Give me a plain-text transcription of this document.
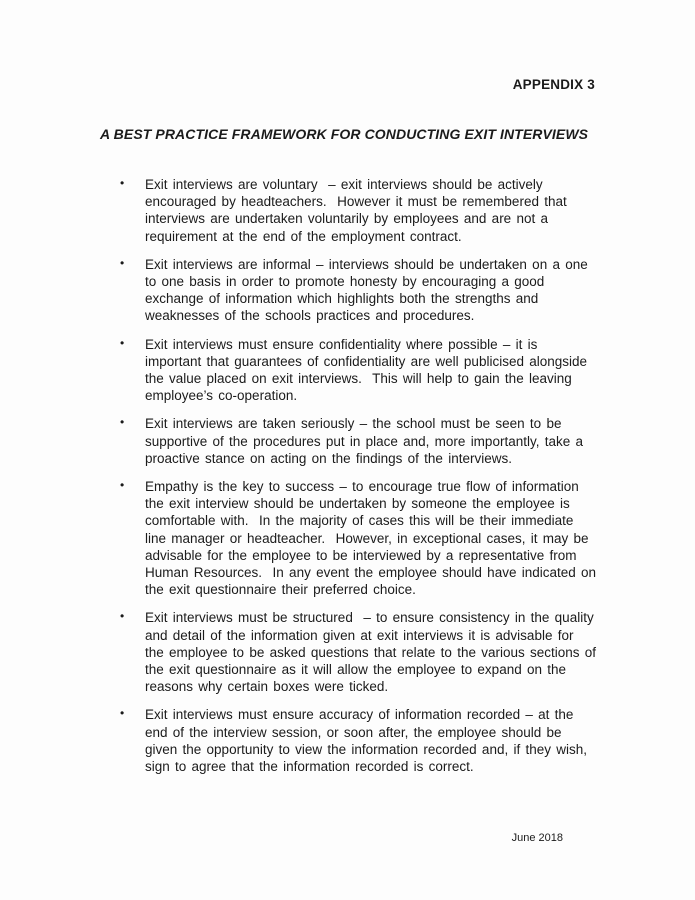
APPENDIX 3
A BEST PRACTICE FRAMEWORK FOR CONDUCTING EXIT INTERVIEWS
• Exit interviews are voluntary  – exit interviews should be actively encouraged by headteachers.  However it must be remembered that interviews are undertaken voluntarily by employees and are not a requirement at the end of the employment contract.
• Exit interviews are informal – interviews should be undertaken on a one to one basis in order to promote honesty by encouraging a good exchange of information which highlights both the strengths and weaknesses of the schools practices and procedures.
• Exit interviews must ensure confidentiality where possible – it is important that guarantees of confidentiality are well publicised alongside the value placed on exit interviews.  This will help to gain the leaving employee’s co-operation.
• Exit interviews are taken seriously – the school must be seen to be supportive of the procedures put in place and, more importantly, take a proactive stance on acting on the findings of the interviews.
• Empathy is the key to success – to encourage true flow of information the exit interview should be undertaken by someone the employee is comfortable with.  In the majority of cases this will be their immediate line manager or headteacher.  However, in exceptional cases, it may be advisable for the employee to be interviewed by a representative from Human Resources.  In any event the employee should have indicated on the exit questionnaire their preferred choice.
• Exit interviews must be structured  – to ensure consistency in the quality and detail of the information given at exit interviews it is advisable for the employee to be asked questions that relate to the various sections of the exit questionnaire as it will allow the employee to expand on the reasons why certain boxes were ticked.
• Exit interviews must ensure accuracy of information recorded – at the end of the interview session, or soon after, the employee should be given the opportunity to view the information recorded and, if they wish, sign to agree that the information recorded is correct.
June 2018
